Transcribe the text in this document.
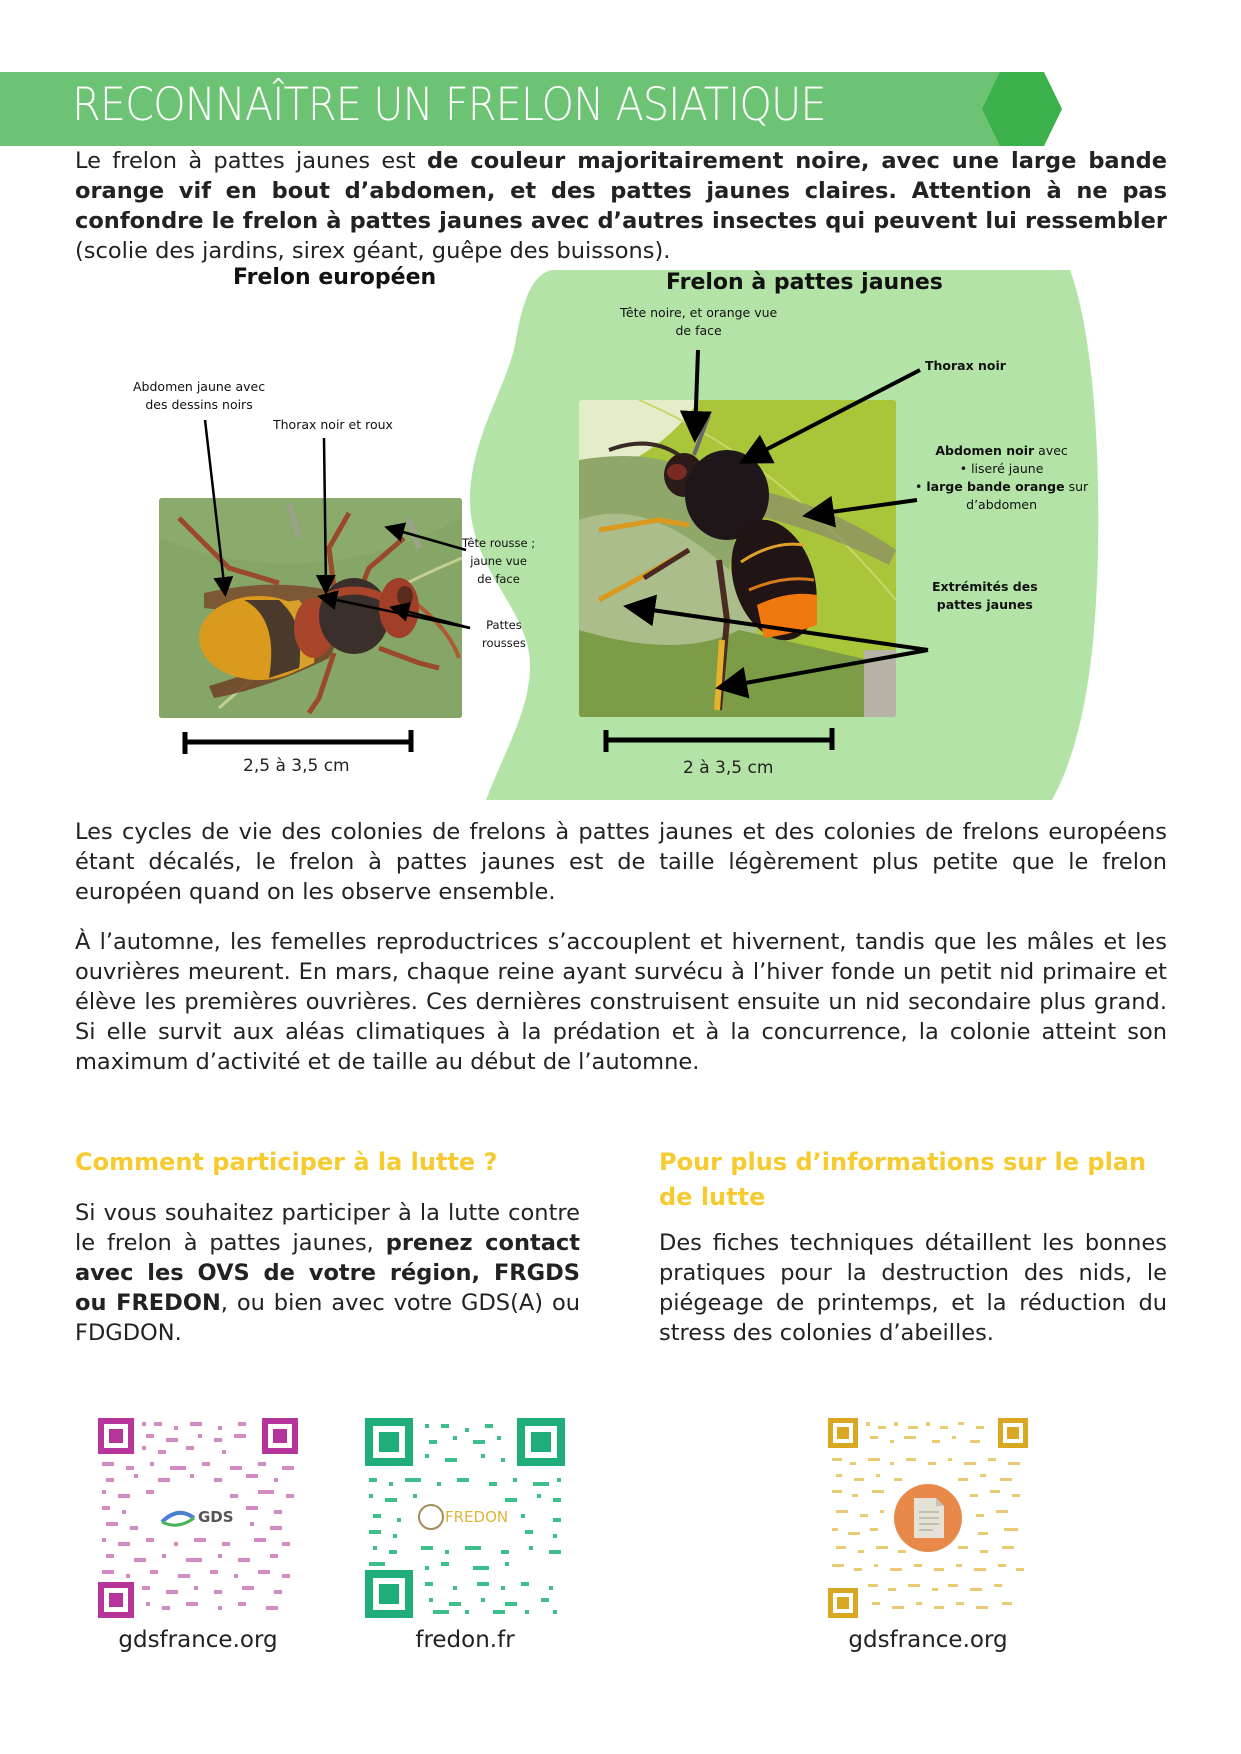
RECONNAÎTRE UN FRELON ASIATIQUE

Le frelon à pattes jaunes est de couleur majoritairement noire, avec une large bande orange vif en bout d’abdomen, et des pattes jaunes claires. Attention à ne pas confondre le frelon à pattes jaunes avec d’autres insectes qui peuvent lui ressembler (scolie des jardins, sirex géant, guêpe des buissons).

Frelon européen	Frelon à pattes jaunes
Abdomen jaune avec
des dessins noirs
Thorax noir et roux
Tête rousse ;
jaune vue
de face
Pattes
rousses
Tête noire, et orange vue
de face
Thorax noir
Abdomen noir avec
• liseré jaune
• large bande orange sur
d’abdomen
Extrémités des
pattes jaunes
2,5 à 3,5 cm	2 à 3,5 cm

Les cycles de vie des colonies de frelons à pattes jaunes et des colonies de frelons européens étant décalés, le frelon à pattes jaunes est de taille légèrement plus petite que le frelon européen quand on les observe ensemble.

À l’automne, les femelles reproductrices s’accouplent et hivernent, tandis que les mâles et les ouvrières meurent. En mars, chaque reine ayant survécu à l’hiver fonde un petit nid primaire et élève les premières ouvrières. Ces dernières construisent ensuite un nid secondaire plus grand. Si elle survit aux aléas climatiques à la prédation et à la concurrence, la colonie atteint son maximum d’activité et de taille au début de l’automne.

Comment participer à la lutte ?

Si vous souhaitez participer à la lutte contre le frelon à pattes jaunes, prenez contact avec les OVS de votre région, FRGDS ou FREDON, ou bien avec votre GDS(A) ou FDGDON.

Pour plus d’informations sur le plan de lutte

Des fiches techniques détaillent les bonnes pratiques pour la destruction des nids, le piégeage de printemps, et la réduction du stress des colonies d’abeilles.

GDS
gdsfrance.org
FREDON
fredon.fr	gdsfrance.org
